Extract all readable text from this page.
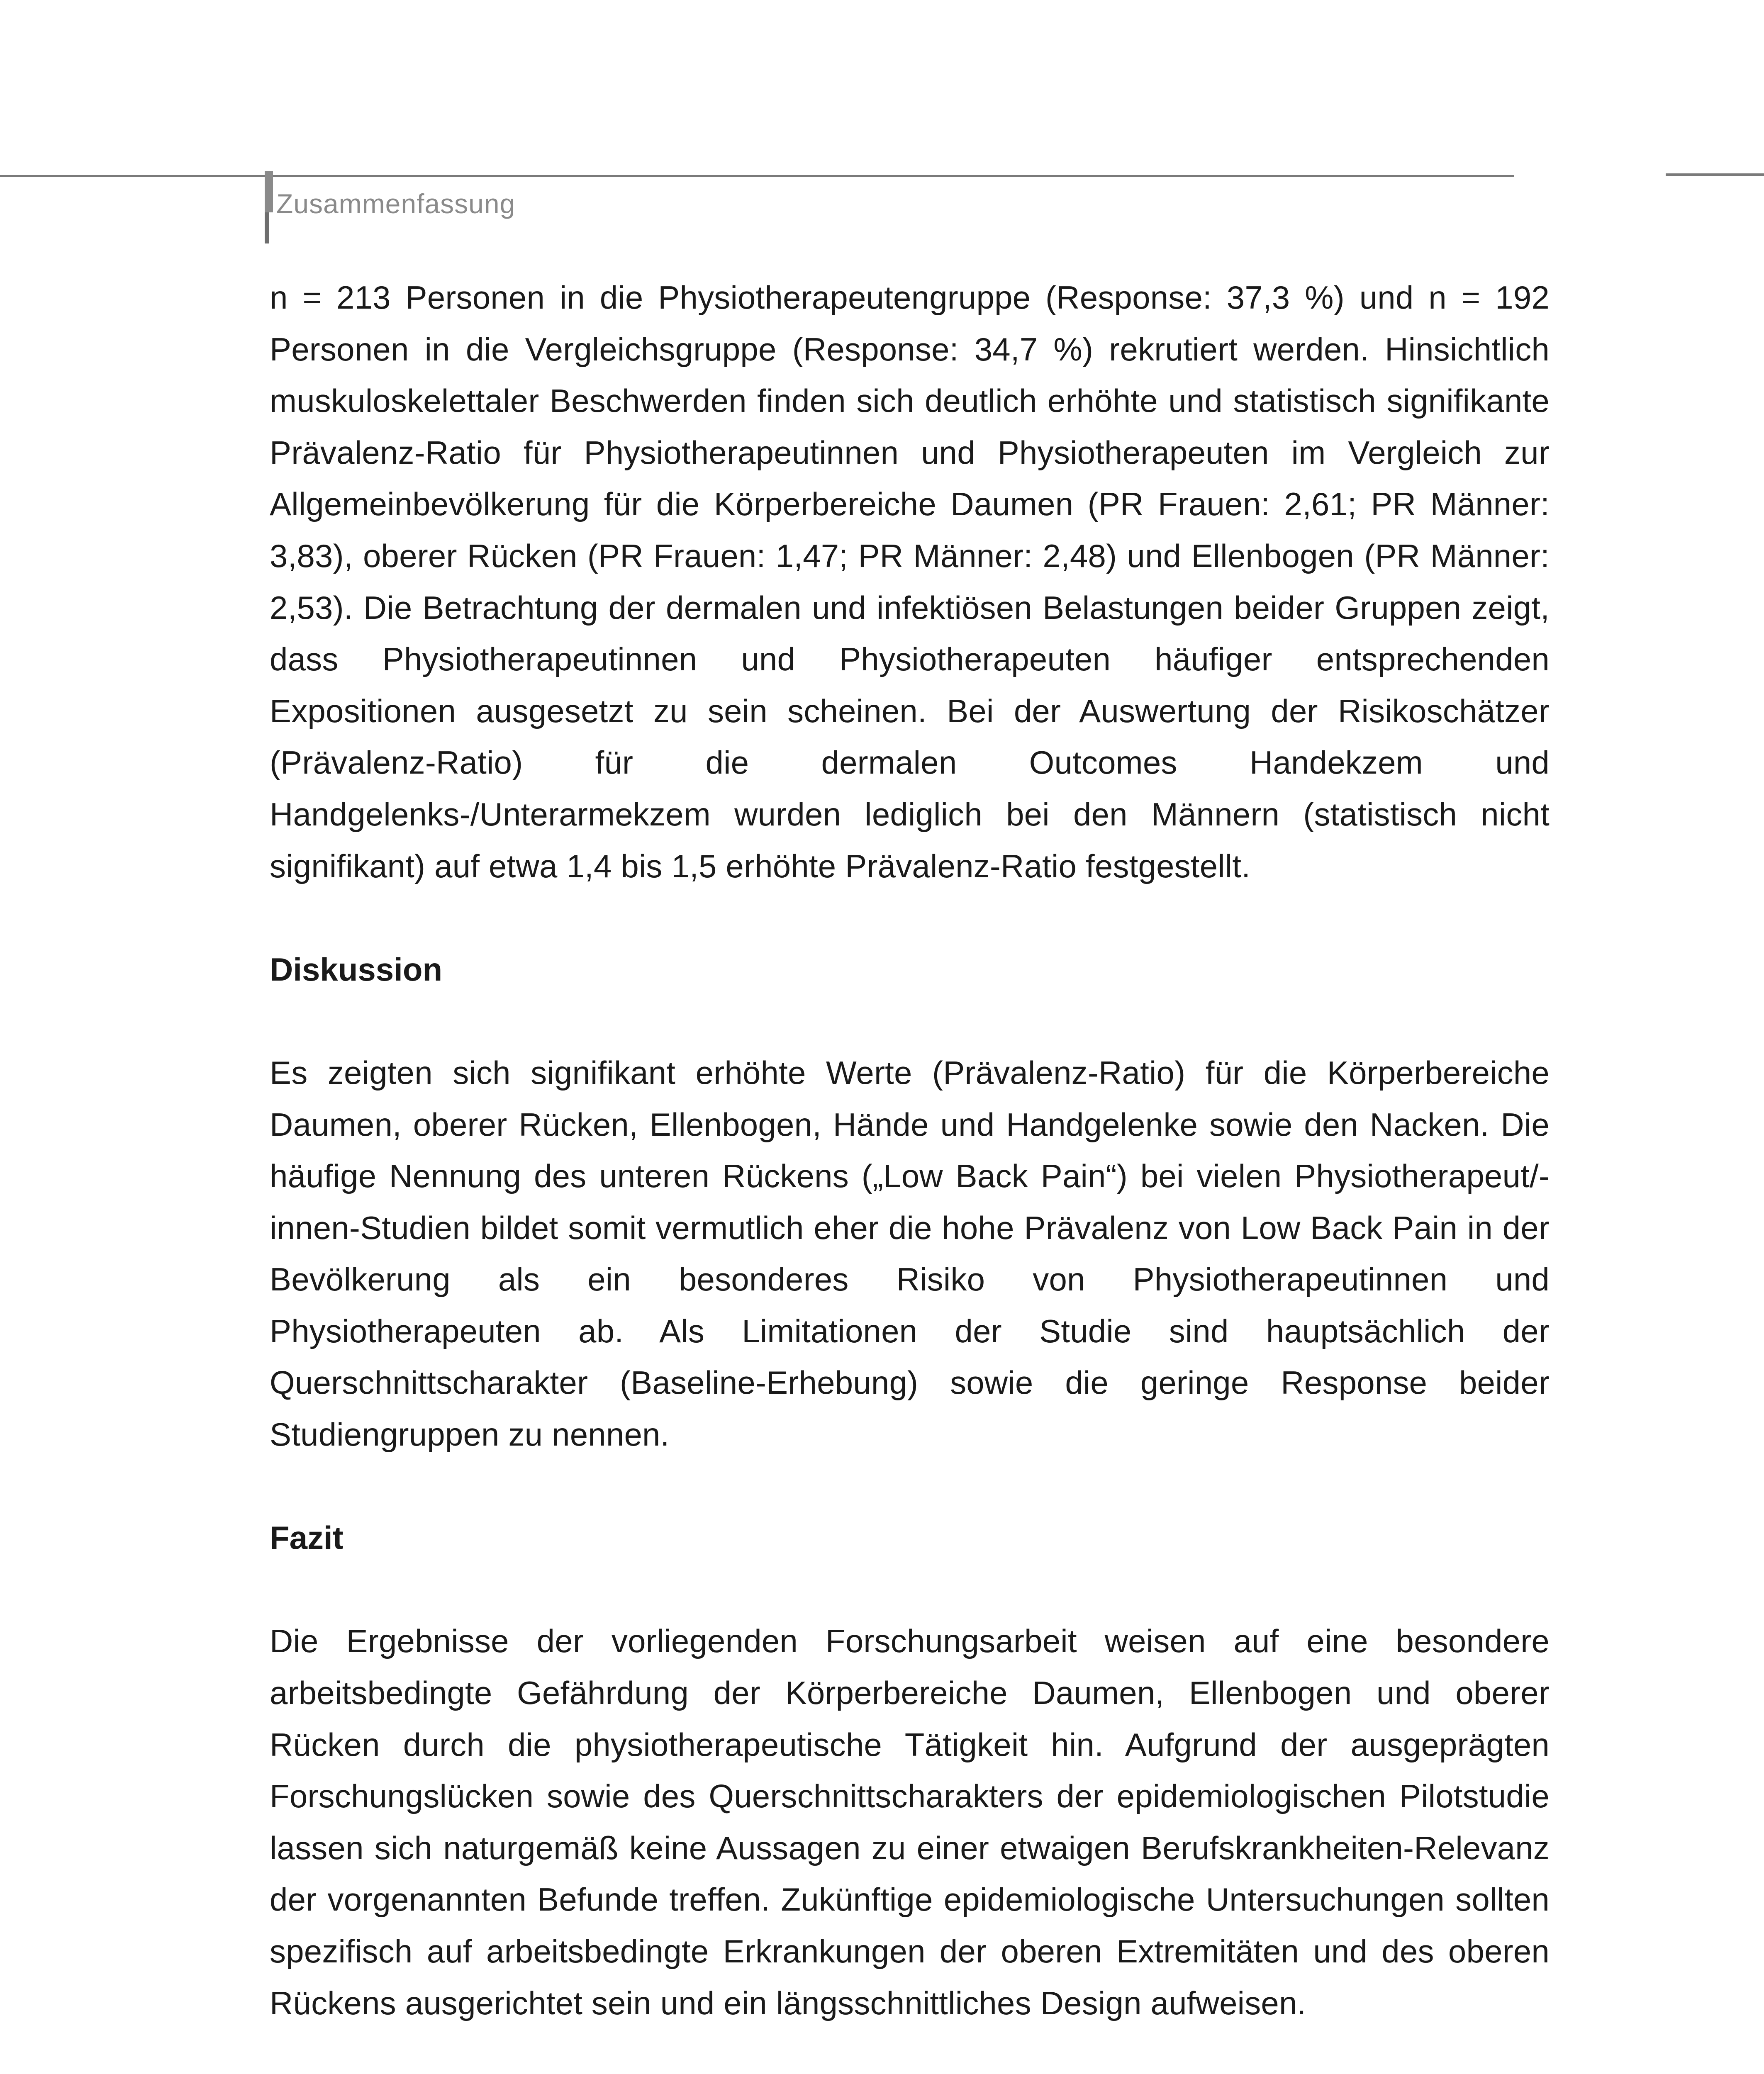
Zusammenfassung

n = 213 Personen in die Physiotherapeutengruppe (Response: 37,3 %) und n = 192 Personen in die Vergleichsgruppe (Response: 34,7 %) rekrutiert werden. Hinsichtlich muskuloskelettaler Beschwerden finden sich deutlich erhöhte und statistisch signifikante Prävalenz-Ratio für Physiotherapeutinnen und Physiotherapeuten im Vergleich zur Allgemeinbevölkerung für die Körperbereiche Daumen (PR Frauen: 2,61; PR Männer: 3,83), oberer Rücken (PR Frauen: 1,47; PR Männer: 2,48) und Ellenbogen (PR Männer: 2,53). Die Betrachtung der dermalen und infektiösen Belastungen beider Gruppen zeigt, dass Physiotherapeutinnen und Physiotherapeuten häufiger entsprechenden Expositionen ausgesetzt zu sein scheinen. Bei der Auswertung der Risikoschätzer (Prävalenz-Ratio) für die dermalen Outcomes Handekzem und Handgelenks-/Unterarmekzem wurden lediglich bei den Männern (statistisch nicht signifikant) auf etwa 1,4 bis 1,5 erhöhte Prävalenz-Ratio festgestellt.

Diskussion

Es zeigten sich signifikant erhöhte Werte (Prävalenz-Ratio) für die Körperbereiche Daumen, oberer Rücken, Ellenbogen, Hände und Handgelenke sowie den Nacken. Die häufige Nennung des unteren Rückens („Low Back Pain“) bei vielen Physiotherapeut/-innen-Studien bildet somit vermutlich eher die hohe Prävalenz von Low Back Pain in der Bevölkerung als ein besonderes Risiko von Physiotherapeutinnen und Physiotherapeuten ab. Als Limitationen der Studie sind hauptsächlich der Querschnittscharakter (Baseline-Erhebung) sowie die geringe Response beider Studiengruppen zu nennen.

Fazit

Die Ergebnisse der vorliegenden Forschungsarbeit weisen auf eine besondere arbeitsbedingte Gefährdung der Körperbereiche Daumen, Ellenbogen und oberer Rücken durch die physiotherapeutische Tätigkeit hin. Aufgrund der ausgeprägten Forschungslücken sowie des Querschnittscharakters der epidemiologischen Pilotstudie lassen sich naturgemäß keine Aussagen zu einer etwaigen Berufskrankheiten-Relevanz der vorgenannten Befunde treffen. Zukünftige epidemiologische Untersuchungen sollten spezifisch auf arbeitsbedingte Erkrankungen der oberen Extremitäten und des oberen Rückens ausgerichtet sein und ein längsschnittliches Design aufweisen.
